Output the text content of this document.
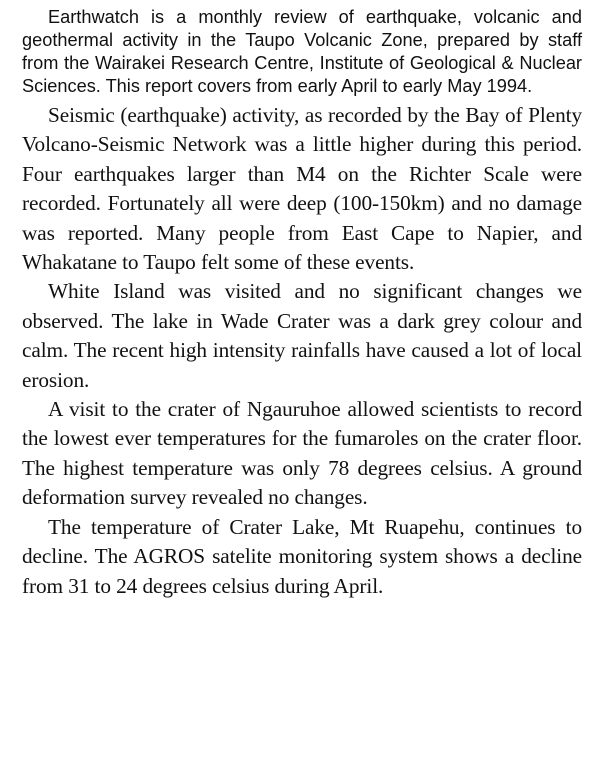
Earthwatch is a monthly review of earthquake, volcanic and geothermal activity in the Taupo Volcanic Zone, prepared by staff from the Wairakei Research Centre, Institute of Geological & Nuclear Sciences. This report covers from early April to early May 1994.

Seismic (earthquake) activity, as recorded by the Bay of Plenty Volcano-Seismic Network was a little higher during this period. Four earthquakes larger than M4 on the Richter Scale were recorded. Fortunately all were deep (100-150km) and no damage was reported. Many people from East Cape to Napier, and Whakatane to Taupo felt some of these events.

White Island was visited and no significant changes we observed. The lake in Wade Crater was a dark grey colour and calm. The recent high intensity rainfalls have caused a lot of local erosion.

A visit to the crater of Ngauruhoe allowed scientists to record the lowest ever temperatures for the fumaroles on the crater floor. The highest temperature was only 78 degrees celsius. A ground deformation survey revealed no changes.

The temperature of Crater Lake, Mt Ruapehu, continues to decline. The AGROS satelite monitoring system shows a decline from 31 to 24 degrees celsius during April.
